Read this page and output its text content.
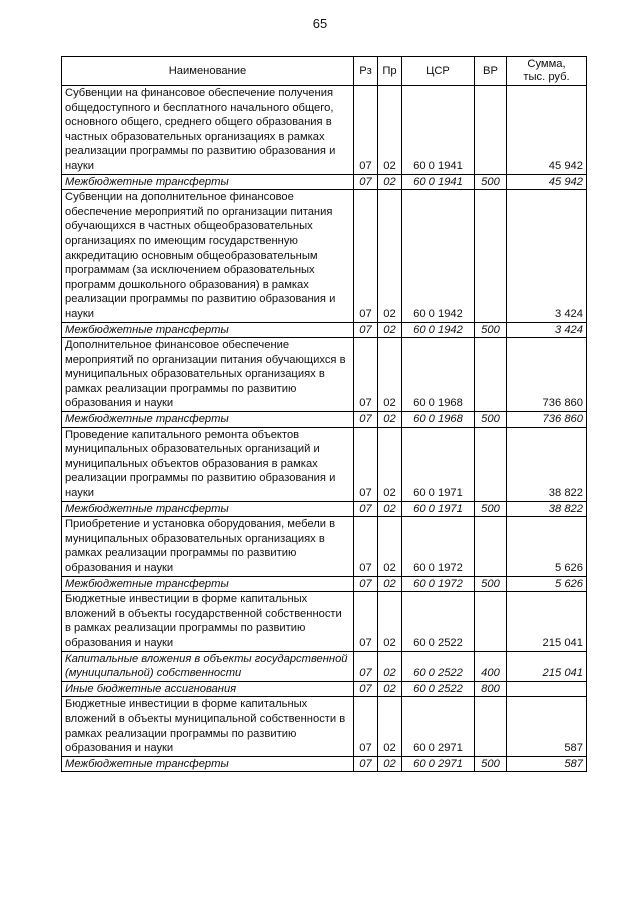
65
Наименование	Рз	Пр	ЦСР	ВР	Сумма,
тыс. руб.
Субвенции на финансовое обеспечение получения общедоступного и бесплатного начального общего, основного общего, среднего общего образования в частных образовательных организациях в рамках реализации программы по развитию образования и науки	07	02	60 0 1941		45 942
Межбюджетные трансферты	07	02	60 0 1941	500	45 942
Субвенции на дополнительное финансовое обеспечение мероприятий по организации питания обучающихся в частных общеобразовательных организациях по имеющим государственную аккредитацию основным общеобразовательным программам (за исключением образовательных программ дошкольного образования) в рамках реализации программы по развитию образования и науки	07	02	60 0 1942		3 424
Межбюджетные трансферты	07	02	60 0 1942	500	3 424
Дополнительное финансовое обеспечение мероприятий по организации питания обучающихся в муниципальных образовательных организациях в рамках реализации программы по развитию образования и науки	07	02	60 0 1968		736 860
Межбюджетные трансферты	07	02	60 0 1968	500	736 860
Проведение капитального ремонта объектов муниципальных образовательных организаций и муниципальных объектов образования в рамках реализации программы по развитию образования и науки	07	02	60 0 1971		38 822
Межбюджетные трансферты	07	02	60 0 1971	500	38 822
Приобретение и установка оборудования, мебели в муниципальных образовательных организациях в рамках реализации программы по развитию образования и науки	07	02	60 0 1972		5 626
Межбюджетные трансферты	07	02	60 0 1972	500	5 626
Бюджетные инвестиции в форме капитальных вложений в объекты государственной собственности в рамках реализации программы по развитию образования и науки	07	02	60 0 2522		215 041
Капитальные вложения в объекты государственной (муниципальной) собственности	07	02	60 0 2522	400	215 041
Иные бюджетные ассигнования	07	02	60 0 2522	800	
Бюджетные инвестиции в форме капитальных вложений в объекты муниципальной собственности в рамках реализации программы по развитию образования и науки	07	02	60 0 2971		587
Межбюджетные трансферты	07	02	60 0 2971	500	587
